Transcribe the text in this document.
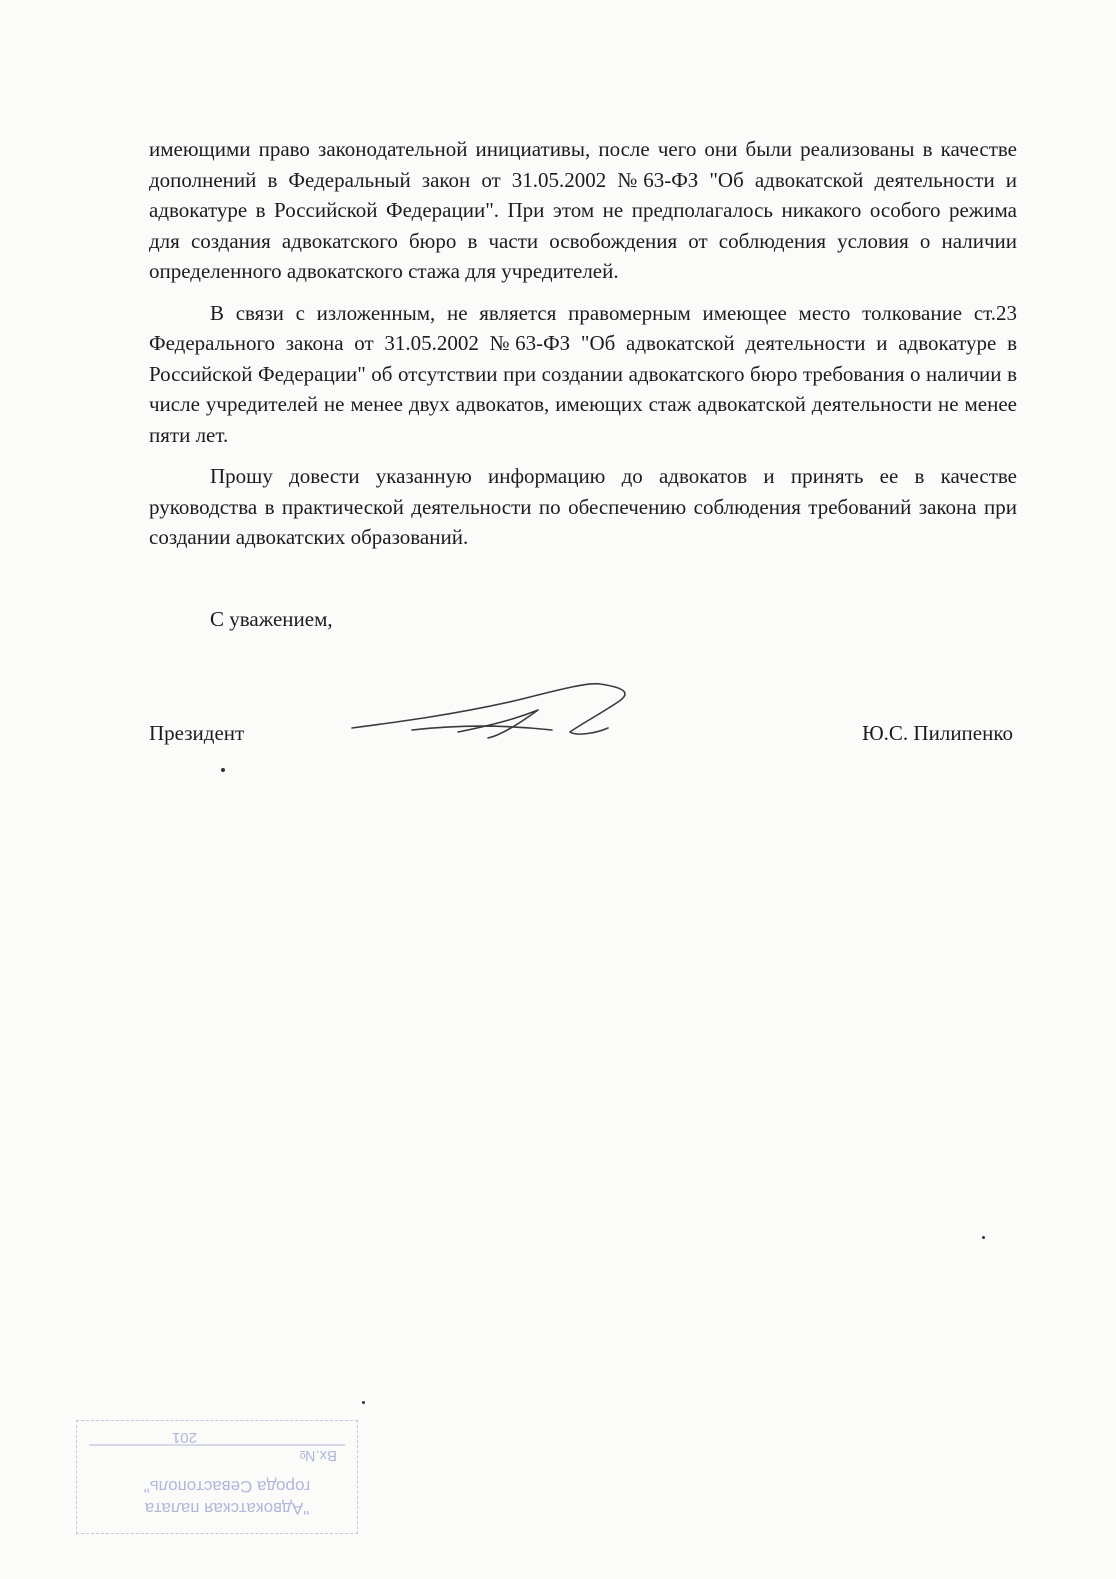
имеющими право законодательной инициативы, после чего они были реализованы в качестве дополнений в Федеральный закон от 31.05.2002 №63-ФЗ "Об адвокатской деятельности и адвокатуре в Российской Федерации". При этом не предполагалось никакого особого режима для создания адвокатского бюро в части освобождения от соблюдения условия о наличии определенного адвокатского стажа для учредителей.

В связи с изложенным, не является правомерным имеющее место толкование ст.23 Федерального закона от 31.05.2002 №63-ФЗ "Об адвокатской деятельности и адвокатуре в Российской Федерации" об отсутствии при создании адвокатского бюро требования о наличии в числе учредителей не менее двух адвокатов, имеющих стаж адвокатской деятельности не менее пяти лет.

Прошу довести указанную информацию до адвокатов и принять ее в качестве руководства в практической деятельности по обеспечению соблюдения требований закона при создании адвокатских образований.

С уважением,
Президент	Ю.С. Пилипенко
"Адвокатская палата
города Севастополь"
Вх.№
201
